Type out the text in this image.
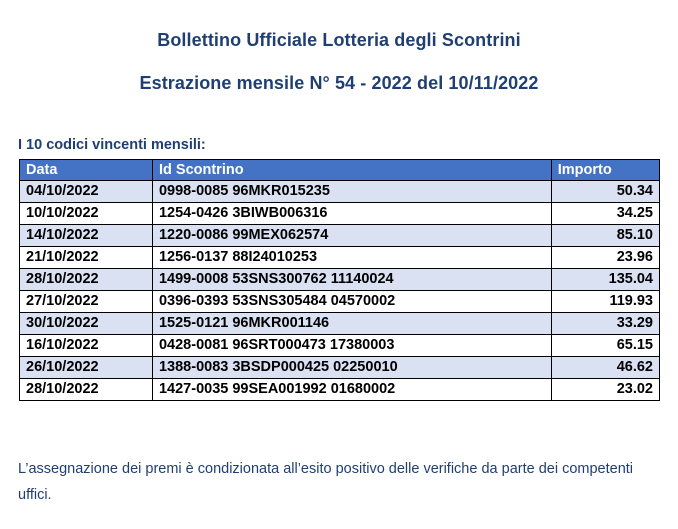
Bollettino Ufficiale Lotteria degli Scontrini
Estrazione mensile N° 54 - 2022 del 10/11/2022
I 10 codici vincenti mensili:
Data	Id Scontrino	Importo
04/10/2022	0998-0085 96MKR015235	50.34
10/10/2022	1254-0426 3BIWB006316	34.25
14/10/2022	1220-0086 99MEX062574	85.10
21/10/2022	1256-0137 88I24010253	23.96
28/10/2022	1499-0008 53SNS300762 11140024	135.04
27/10/2022	0396-0393 53SNS305484 04570002	119.93
30/10/2022	1525-0121 96MKR001146	33.29
16/10/2022	0428-0081 96SRT000473 17380003	65.15
26/10/2022	1388-0083 3BSDP000425 02250010	46.62
28/10/2022	1427-0035 99SEA001992 01680002	23.02
L’assegnazione dei premi è condizionata all’esito positivo delle verifiche da parte dei competenti uffici.
